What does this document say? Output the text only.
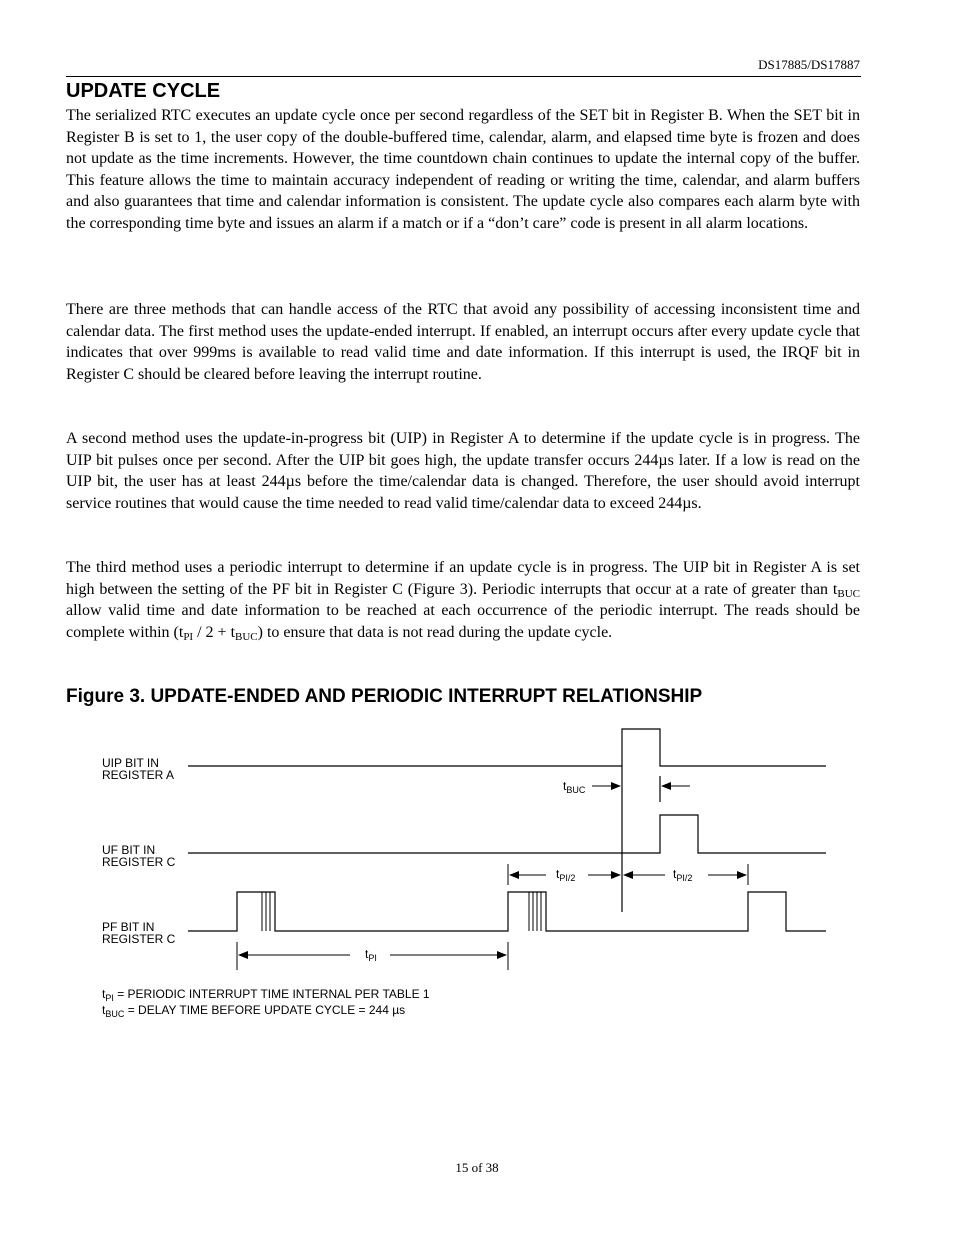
DS17885/DS17887
UPDATE CYCLE

The serialized RTC executes an update cycle once per second regardless of the SET bit in Register B. When the SET bit in Register B is set to 1, the user copy of the double-buffered time, calendar, alarm, and elapsed time byte is frozen and does not update as the time increments. However, the time countdown chain continues to update the internal copy of the buffer. This feature allows the time to maintain accuracy independent of reading or writing the time, calendar, and alarm buffers and also guarantees that time and calendar information is consistent. The update cycle also compares each alarm byte with the corresponding time byte and issues an alarm if a match or if a “don’t care” code is present in all alarm locations.

There are three methods that can handle access of the RTC that avoid any possibility of accessing inconsistent time and calendar data. The first method uses the update-ended interrupt. If enabled, an interrupt occurs after every update cycle that indicates that over 999ms is available to read valid time and date information. If this interrupt is used, the IRQF bit in Register C should be cleared before leaving the interrupt routine.

A second method uses the update-in-progress bit (UIP) in Register A to determine if the update cycle is in progress. The UIP bit pulses once per second. After the UIP bit goes high, the update transfer occurs 244µs later. If a low is read on the UIP bit, the user has at least 244µs before the time/calendar data is changed. Therefore, the user should avoid interrupt service routines that would cause the time needed to read valid time/calendar data to exceed 244µs.

The third method uses a periodic interrupt to determine if an update cycle is in progress. The UIP bit in Register A is set high between the setting of the PF bit in Register C (Figure 3). Periodic interrupts that occur at a rate of greater than $t_{BUC}$ allow valid time and date information to be reached at each occurrence of the periodic interrupt. The reads should be complete within $(t_{PI} / 2 + t_{BUC})$ to ensure that data is not read during the update cycle.

Figure 3. UPDATE-ENDED AND PERIODIC INTERRUPT RELATIONSHIP
UIP BIT IN
REGISTER A
UF BIT IN
REGISTER C
PF BIT IN
REGISTER C
$t_{BUC}$
$t_{PI/2}$	$t_{PI/2}$
$t_{PI}$
$t_{PI}$ = PERIODIC INTERRUPT TIME INTERNAL PER TABLE 1
$t_{BUC}$ = DELAY TIME BEFORE UPDATE CYCLE = 244 µs
15 of 38
